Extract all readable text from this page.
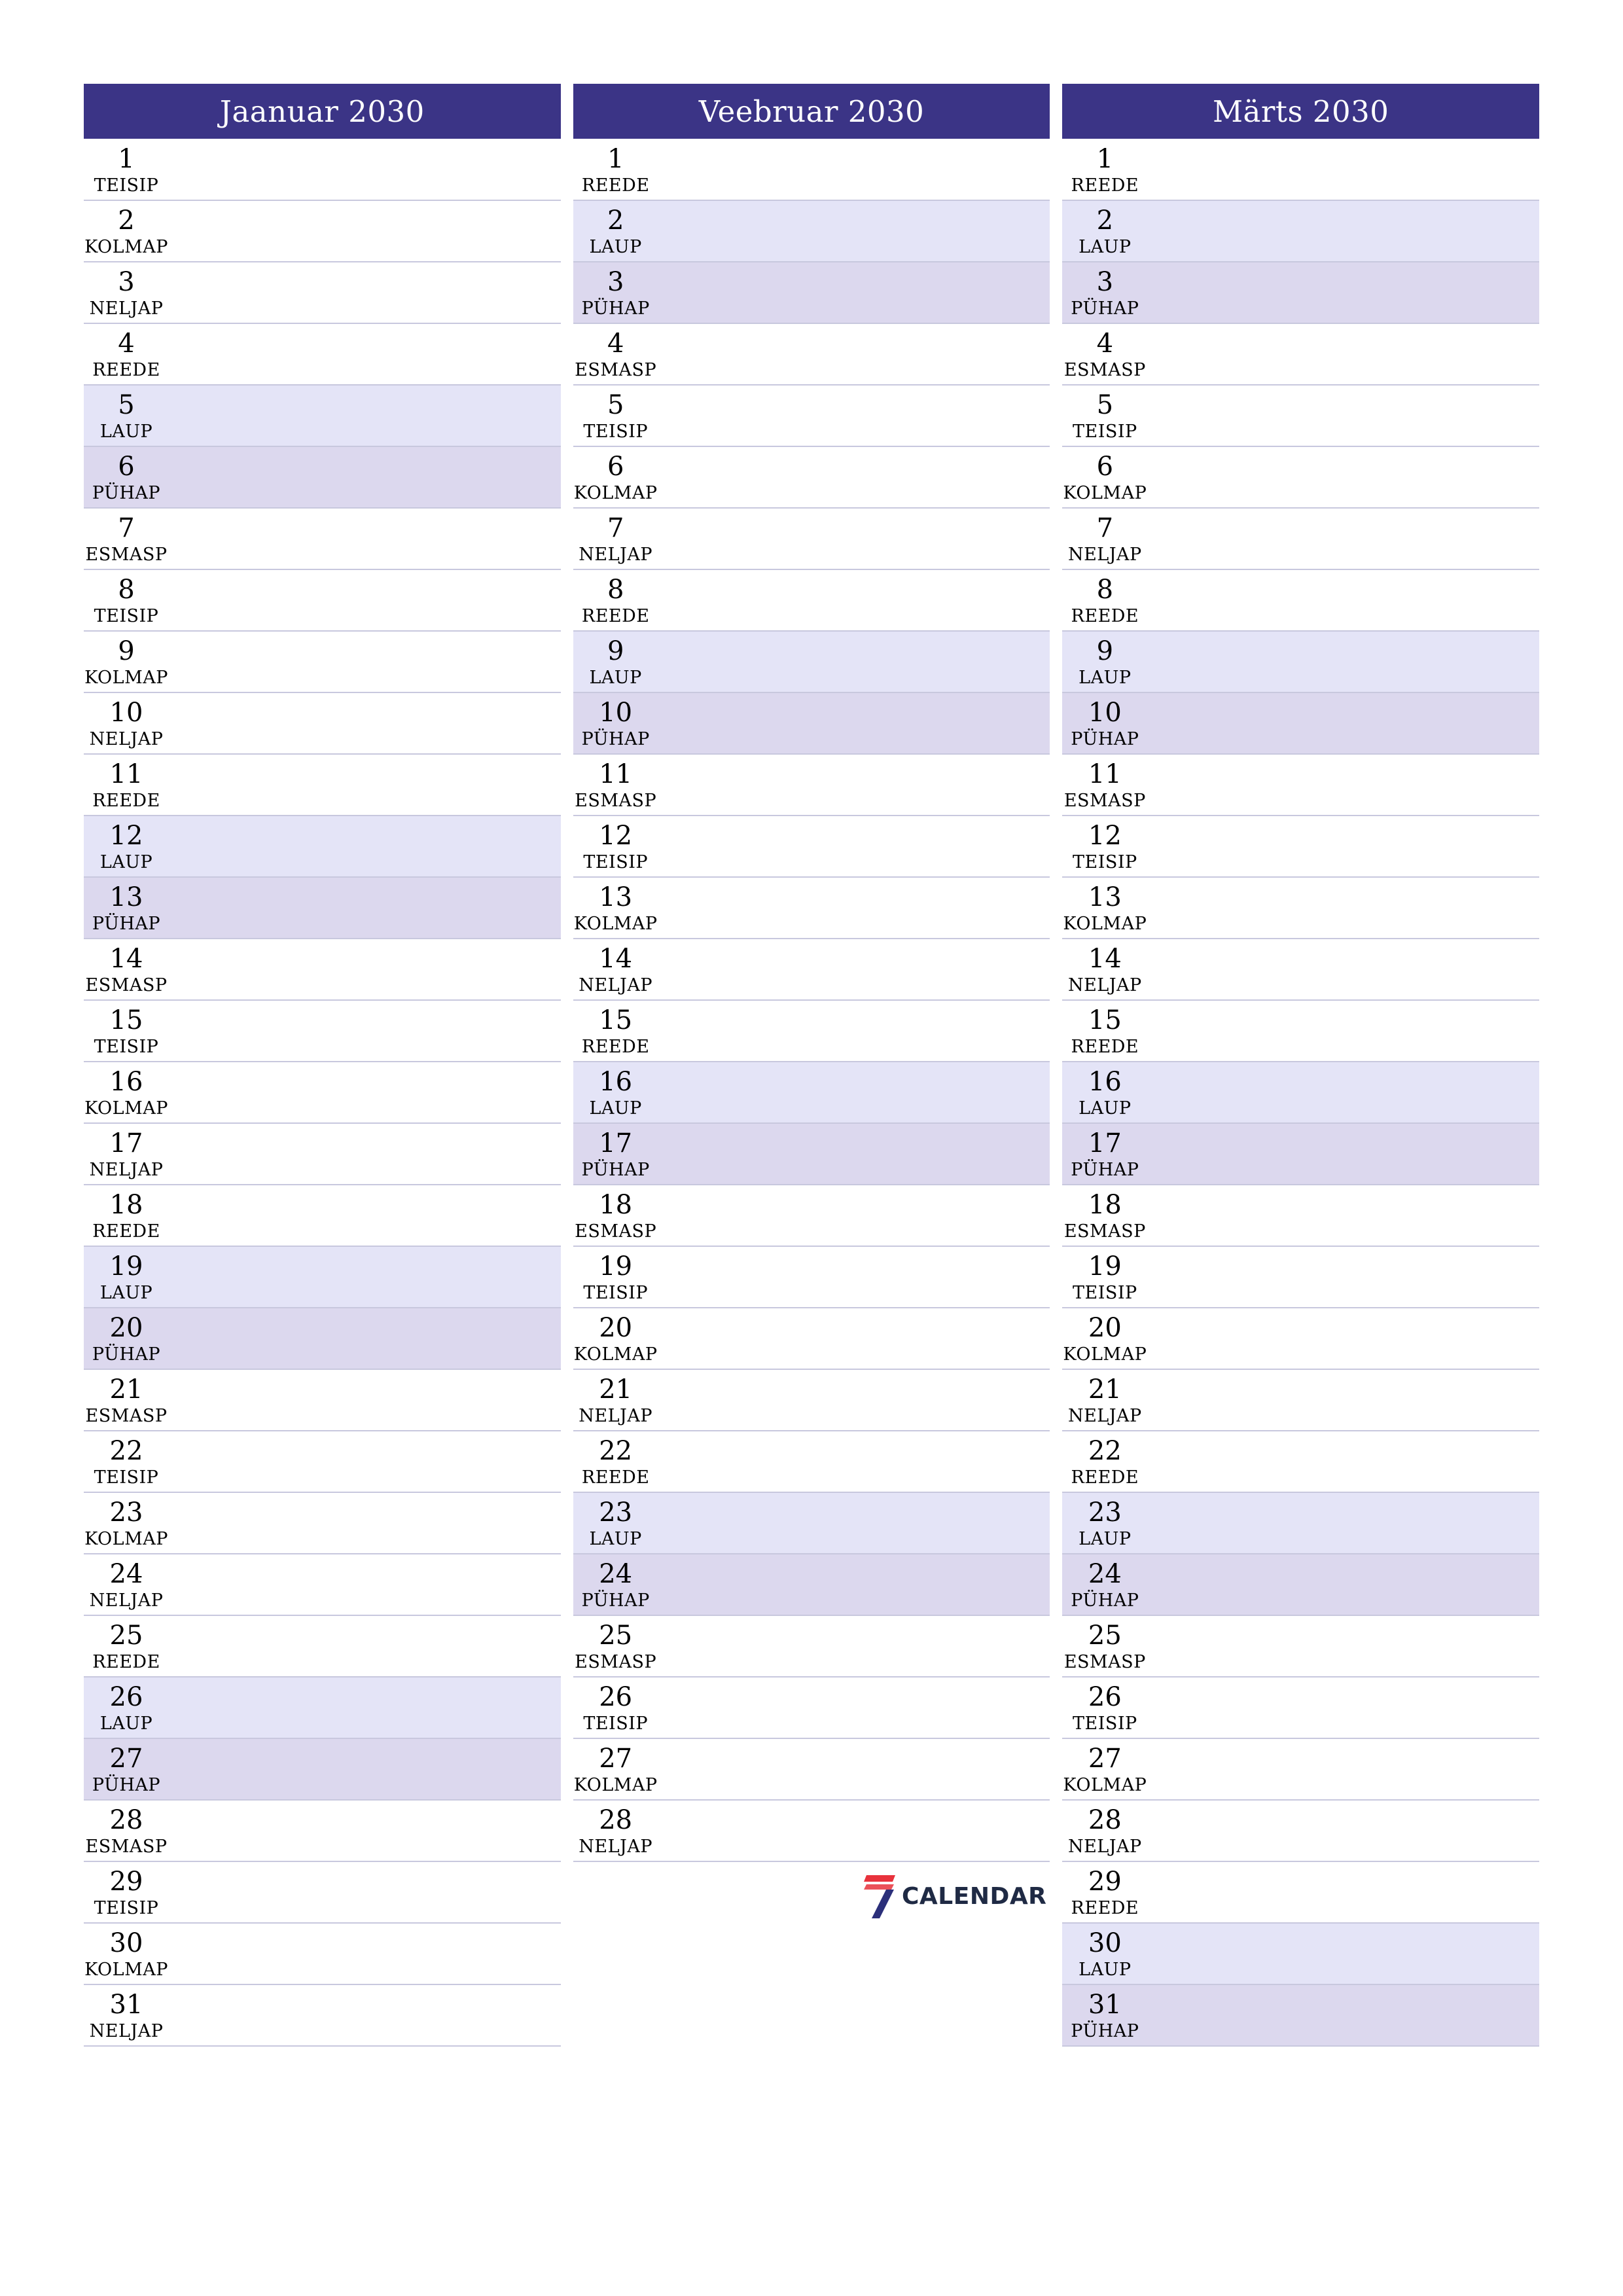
Jaanuar 2030
1
TEISIP
2
KOLMAP
3
NELJAP
4
REEDE
5
LAUP
6
PÜHAP
7
ESMASP
8
TEISIP
9
KOLMAP
10
NELJAP
11
REEDE
12
LAUP
13
PÜHAP
14
ESMASP
15
TEISIP
16
KOLMAP
17
NELJAP
18
REEDE
19
LAUP
20
PÜHAP
21
ESMASP
22
TEISIP
23
KOLMAP
24
NELJAP
25
REEDE
26
LAUP
27
PÜHAP
28
ESMASP
29
TEISIP
30
KOLMAP
31
NELJAP
Veebruar 2030
1
REEDE
2
LAUP
3
PÜHAP
4
ESMASP
5
TEISIP
6
KOLMAP
7
NELJAP
8
REEDE
9
LAUP
10
PÜHAP
11
ESMASP
12
TEISIP
13
KOLMAP
14
NELJAP
15
REEDE
16
LAUP
17
PÜHAP
18
ESMASP
19
TEISIP
20
KOLMAP
21
NELJAP
22
REEDE
23
LAUP
24
PÜHAP
25
ESMASP
26
TEISIP
27
KOLMAP
28
NELJAP
Märts 2030
1
REEDE
2
LAUP
3
PÜHAP
4
ESMASP
5
TEISIP
6
KOLMAP
7
NELJAP
8
REEDE
9
LAUP
10
PÜHAP
11
ESMASP
12
TEISIP
13
KOLMAP
14
NELJAP
15
REEDE
16
LAUP
17
PÜHAP
18
ESMASP
19
TEISIP
20
KOLMAP
21
NELJAP
22
REEDE
23
LAUP
24
PÜHAP
25
ESMASP
26
TEISIP
27
KOLMAP
28
NELJAP
29
REEDE
30
LAUP
31
PÜHAP
CALENDAR
